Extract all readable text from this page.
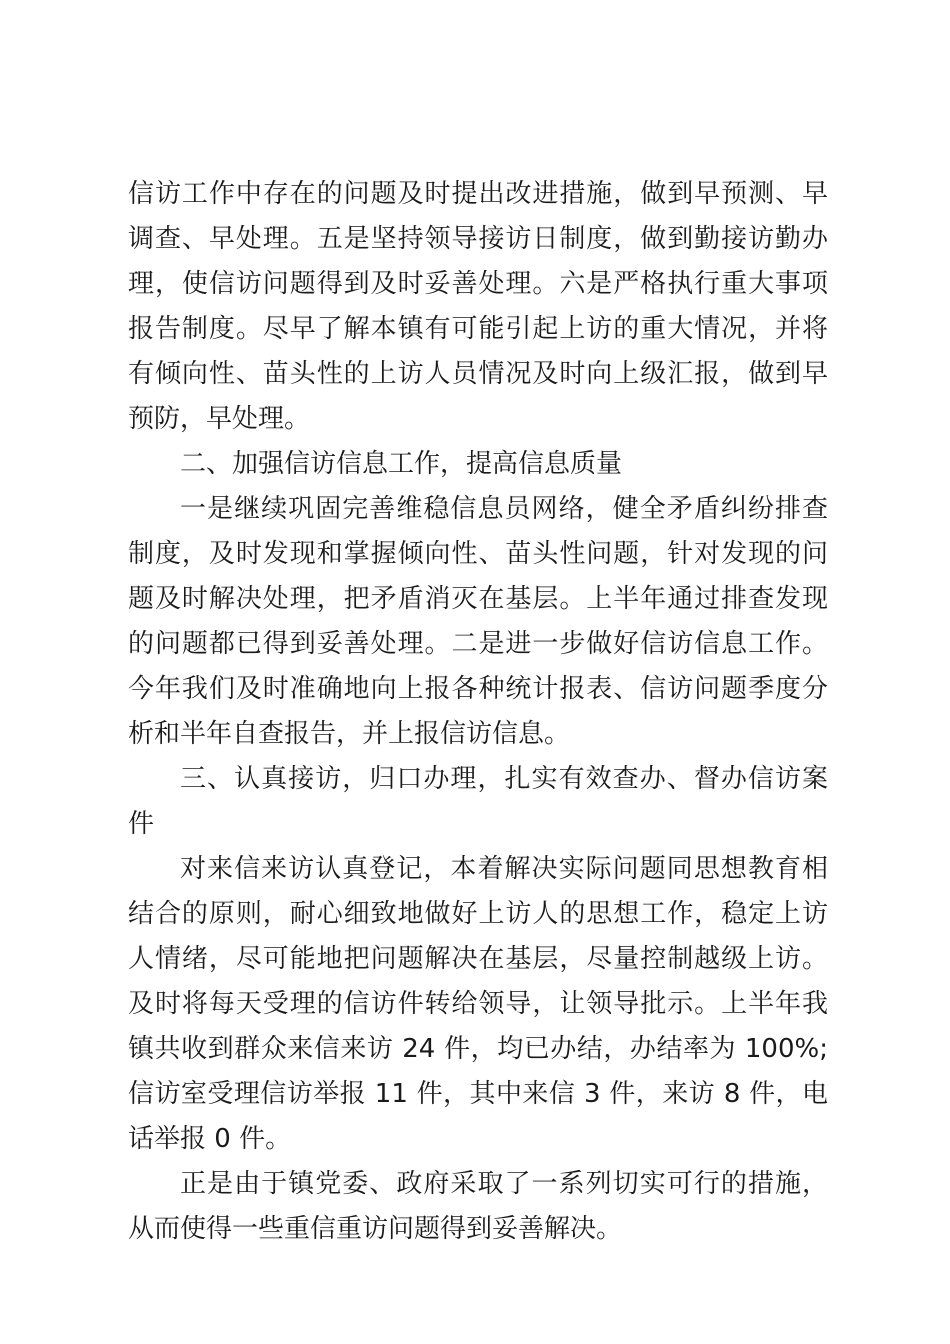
信访工作中存在的问题及时提出改进措施，做到早预测、早调查、早处理。五是坚持领导接访日制度，做到勤接访勤办理，使信访问题得到及时妥善处理。六是严格执行重大事项报告制度。尽早了解本镇有可能引起上访的重大情况，并将有倾向性、苗头性的上访人员情况及时向上级汇报，做到早预防，早处理。

二、加强信访信息工作，提高信息质量

一是继续巩固完善维稳信息员网络，健全矛盾纠纷排查制度，及时发现和掌握倾向性、苗头性问题，针对发现的问题及时解决处理，把矛盾消灭在基层。上半年通过排查发现的问题都已得到妥善处理。二是进一步做好信访信息工作。今年我们及时准确地向上报各种统计报表、信访问题季度分析和半年自查报告，并上报信访信息。

三、认真接访，归口办理，扎实有效查办、督办信访案件

对来信来访认真登记，本着解决实际问题同思想教育相结合的原则，耐心细致地做好上访人的思想工作，稳定上访人情绪，尽可能地把问题解决在基层，尽量控制越级上访。及时将每天受理的信访件转给领导，让领导批示。上半年我镇共收到群众来信来访 24 件，均已办结，办结率为 100%;信访室受理信访举报 11 件，其中来信 3 件，来访 8 件，电话举报 0 件。

正是由于镇党委、政府采取了一系列切实可行的措施，从而使得一些重信重访问题得到妥善解决。
